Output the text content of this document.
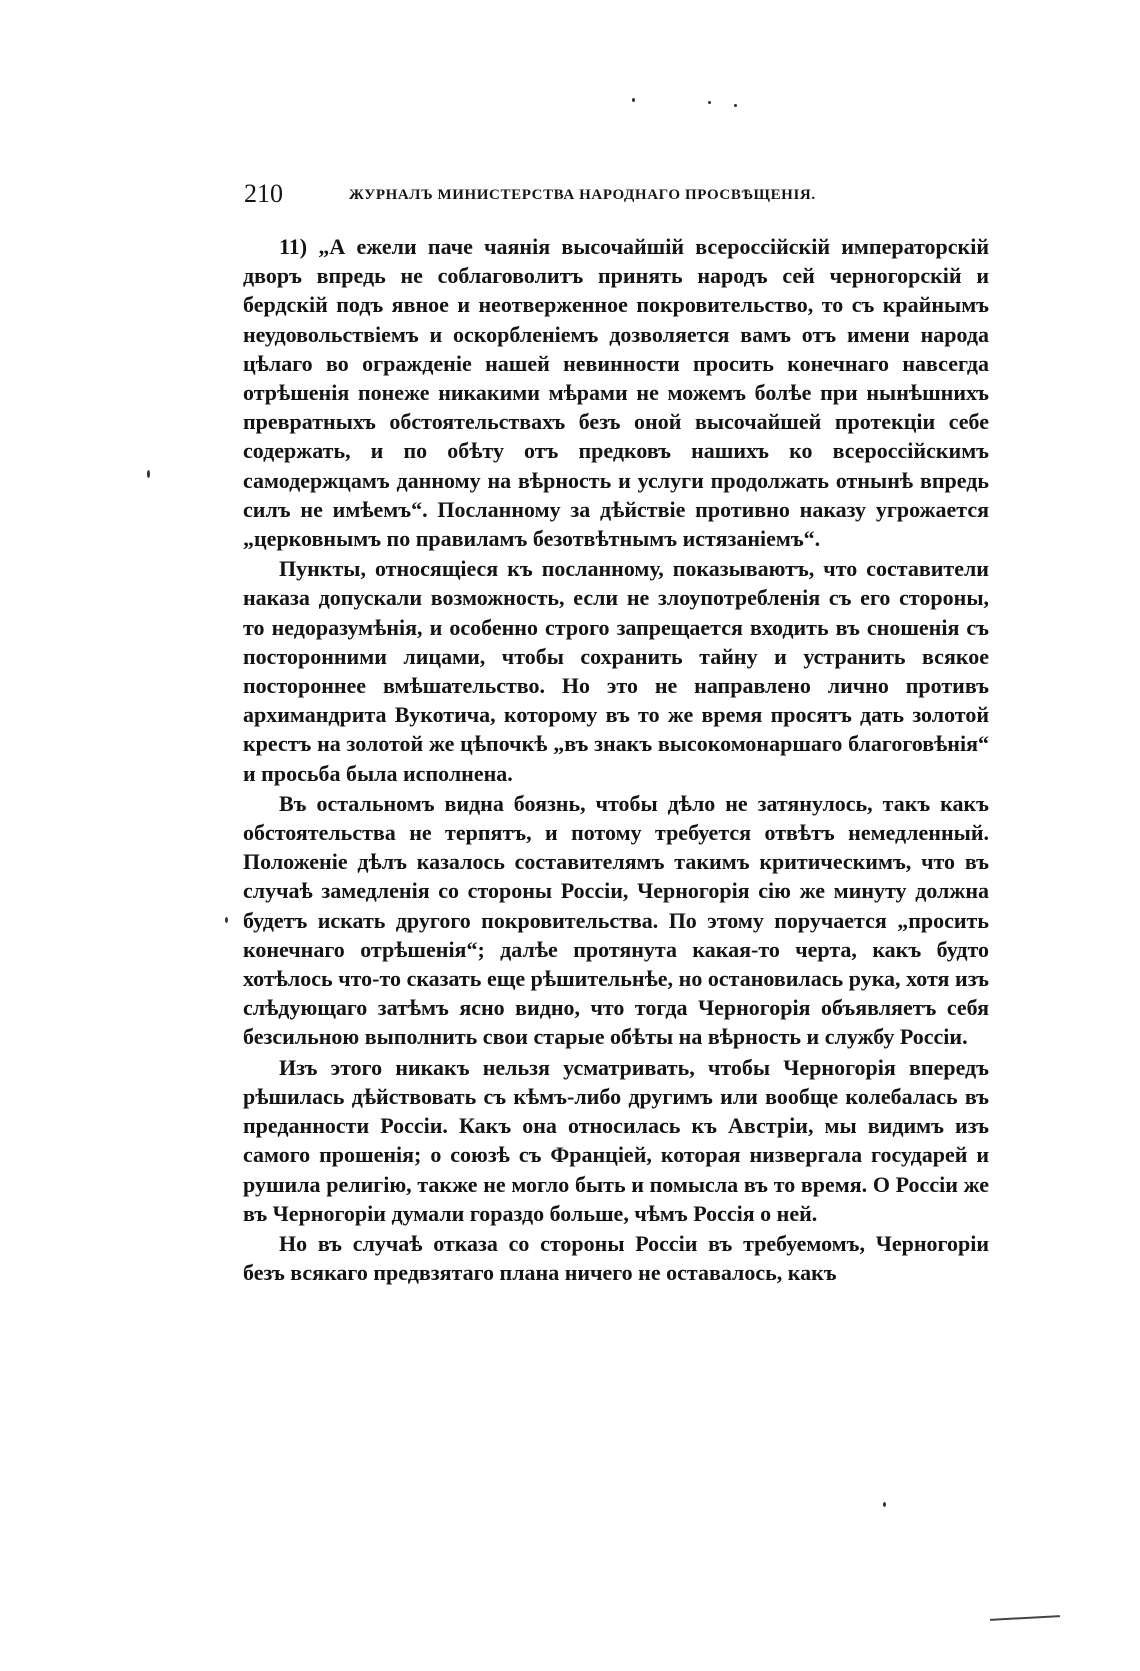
210	ЖУРНАЛЪ МИНИСТЕРСТВА НАРОДНАГО ПРОСВѢЩЕНІЯ.

11) „А ежели паче чаянія высочайшій всероссійскій императорскій дворъ впредь не соблаговолитъ принять народъ сей черногорскій и бердскій подъ явное и неотверженное покровительство, то съ крайнымъ неудовольствіемъ и оскорбленіемъ дозволяется вамъ отъ имени народа цѣлаго во огражденіе нашей невинности просить конечнаго навсегда отрѣшенія понеже никакими мѣрами не можемъ болѣе при нынѣшнихъ превратныхъ обстоятельствахъ безъ оной высочайшей протекціи себе содержать, и по обѣту отъ предковъ нашихъ ко всероссійскимъ самодержцамъ данному на вѣрность и услуги продолжать отнынѣ впредь силъ не имѣемъ“. Посланному за дѣйствіе противно наказу угрожается „церковнымъ по правиламъ безотвѣтнымъ истязаніемъ“.

Пункты, относящіеся къ посланному, показываютъ, что составители наказа допускали возможность, если не злоупотребленія съ его стороны, то недоразумѣнія, и особенно строго запрещается входить въ сношенія съ посторонними лицами, чтобы сохранить тайну и устранить всякое постороннее вмѣшательство. Но это не направлено лично противъ архимандрита Вукотича, которому въ то же время просятъ дать золотой крестъ на золотой же цѣпочкѣ „въ знакъ высокомонаршаго благоговѣнія“ и просьба была исполнена.

Въ остальномъ видна боязнь, чтобы дѣло не затянулось, такъ какъ обстоятельства не терпятъ, и потому требуется отвѣтъ немедленный. Положеніе дѣлъ казалось составителямъ такимъ критическимъ, что въ случаѣ замедленія со стороны Россіи, Черногорія сію же минуту должна будетъ искать другого покровительства. По этому поручается „просить конечнаго отрѣшенія“; далѣе протянута какая-то черта, какъ будто хотѣлось что-то сказать еще рѣшительнѣе, но остановилась рука, хотя изъ слѣдующаго затѣмъ ясно видно, что тогда Черногорія объявляетъ себя безсильною выполнить свои старые обѣты на вѣрность и службу Россіи.

Изъ этого никакъ нельзя усматривать, чтобы Черногорія впередъ рѣшилась дѣйствовать съ кѣмъ-либо другимъ или вообще колебалась въ преданности Россіи. Какъ она относилась къ Австріи, мы видимъ изъ самого прошенія; о союзѣ съ Франціей, которая низвергала государей и рушила религію, также не могло быть и помысла въ то время. О Россіи же въ Черногоріи думали гораздо больше, чѣмъ Россія о ней.

Но въ случаѣ отказа со стороны Россіи въ требуемомъ, Черногоріи безъ всякаго предвзятаго плана ничего не оставалось, какъ
